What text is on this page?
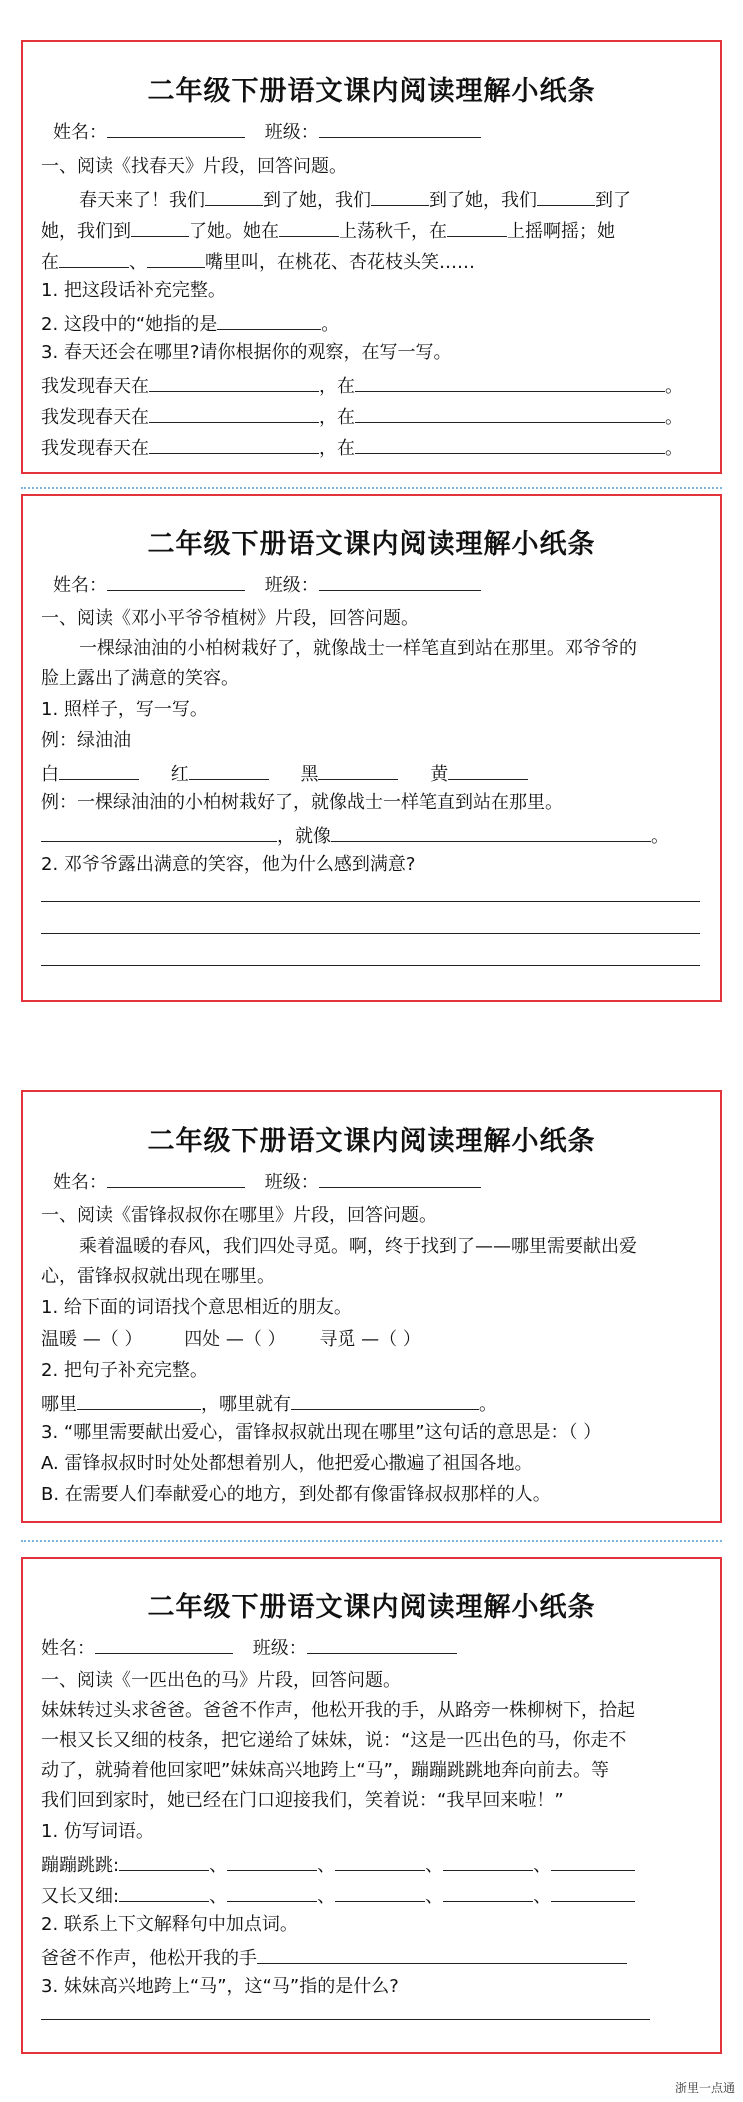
二年级下册语文课内阅读理解小纸条
姓名：	班级：
一、阅读《找春天》片段，回答问题。
春天来了！我们	到了她，我们	到了她，我们	到了
她，我们到	了她。她在	上荡秋千，在	上摇啊摇；她
在	、	嘴里叫，在桃花、杏花枝头笑……
1. 把这段话补充完整。
2. 这段中的“她指的是	。
3. 春天还会在哪里?请你根据你的观察，在写一写。
我发现春天在	，在	。
我发现春天在	，在	。
我发现春天在	，在	。
二年级下册语文课内阅读理解小纸条
姓名：	班级：
一、阅读《邓小平爷爷植树》片段，回答问题。
一棵绿油油的小柏树栽好了，就像战士一样笔直到站在那里。邓爷爷的
脸上露出了满意的笑容。
1. 照样子，写一写。
例：绿油油
白	红	黑	黄
例：一棵绿油油的小柏树栽好了，就像战士一样笔直到站在那里。
，就像	。
2. 邓爷爷露出满意的笑容，他为什么感到满意?
二年级下册语文课内阅读理解小纸条
姓名：	班级：
一、阅读《雷锋叔叔你在哪里》片段，回答问题。
乘着温暖的春风，我们四处寻觅。啊，终于找到了——哪里需要献出爱
心，雷锋叔叔就出现在哪里。
1. 给下面的词语找个意思相近的朋友。
温暖 —（ ） 四处 —（ ） 寻觅 —（ ）
2. 把句子补充完整。
哪里	，哪里就有	。
3. “哪里需要献出爱心，雷锋叔叔就出现在哪里”这句话的意思是：（ ）
A. 雷锋叔叔时时处处都想着别人，他把爱心撒遍了祖国各地。
B. 在需要人们奉献爱心的地方，到处都有像雷锋叔叔那样的人。
二年级下册语文课内阅读理解小纸条
姓名：	班级：
一、阅读《一匹出色的马》片段，回答问题。
妹妹转过头求爸爸。爸爸不作声，他松开我的手，从路旁一株柳树下，拾起
一根又长又细的枝条，把它递给了妹妹，说：“这是一匹出色的马，你走不
动了，就骑着他回家吧”妹妹高兴地跨上“马”，蹦蹦跳跳地奔向前去。等
我们回到家时，她已经在门口迎接我们，笑着说：“我早回来啦！”
1. 仿写词语。
蹦蹦跳跳:	、	、	、	、
又长又细:	、	、	、	、
2. 联系上下文解释句中加点词。
爸爸不作声，他松开我的手
3. 妹妹高兴地跨上“马”，这“马”指的是什么?
浙里一点通
